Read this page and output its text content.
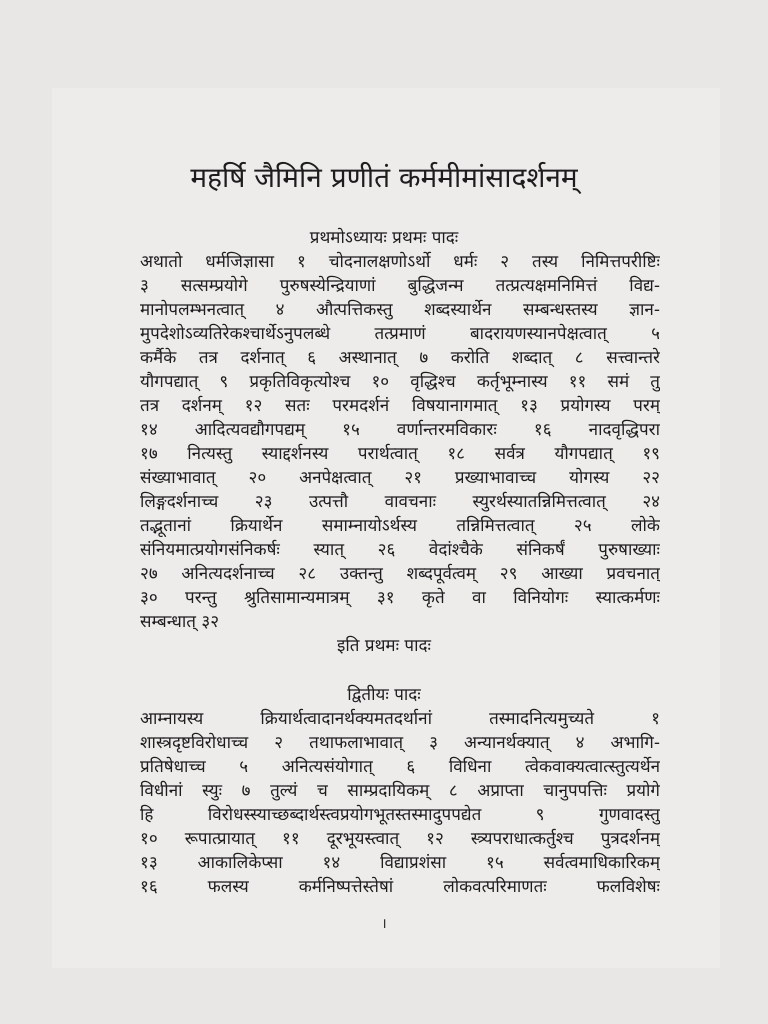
महर्षि जैमिनि प्रणीतं कर्ममीमांसादर्शनम्
प्रथमोऽध्यायः प्रथमः पादः
अथातो धर्मजिज्ञासा १ चोदनालक्षणोऽर्थो धर्मः २ तस्य निमित्तपरीष्टिः
३ सत्सम्प्रयोगे पुरुषस्येन्द्रियाणां बुद्धिजन्म तत्प्रत्यक्षमनिमित्तं विद्य-
मानोपलम्भनत्वात् ४ औत्पत्तिकस्तु शब्दस्यार्थेन सम्बन्धस्तस्य ज्ञान-
मुपदेशोऽव्यतिरेकश्चार्थेऽनुपलब्धे तत्प्रमाणं बादरायणस्यानपेक्षत्वात् ५
कर्मैके तत्र दर्शनात् ६ अस्थानात् ७ करोति शब्दात् ८ सत्त्वान्तरे
यौगपद्यात् ९ प्रकृतिविकृत्योश्च १० वृद्धिश्च कर्तृभूम्नास्य ११ समं तु
तत्र दर्शनम् १२ सतः परमदर्शनं विषयानागमात् १३ प्रयोगस्य परम्
१४ आदित्यवद्यौगपद्यम् १५ वर्णान्तरमविकारः १६ नादवृद्धिपरा
१७ नित्यस्तु स्याद्दर्शनस्य परार्थत्वात् १८ सर्वत्र यौगपद्यात् १९
संख्याभावात् २० अनपेक्षत्वात् २१ प्रख्याभावाच्च योगस्य २२
लिङ्गदर्शनाच्च २३ उत्पत्तौ वावचनाः स्युरर्थस्यातन्निमित्तत्वात् २४
तद्भूतानां क्रियार्थेन समाम्नायोऽर्थस्य तन्निमित्तत्वात् २५ लोके
संनियमात्प्रयोगसंनिकर्षः स्यात् २६ वेदांश्चैके संनिकर्षं पुरुषाख्याः
२७ अनित्यदर्शनाच्च २८ उक्तन्तु शब्दपूर्वत्वम् २९ आख्या प्रवचनात्
३० परन्तु श्रुतिसामान्यमात्रम् ३१ कृते वा विनियोगः स्यात्कर्मणः
सम्बन्धात् ३२
इति प्रथमः पादः
द्वितीयः पादः
आम्नायस्य क्रियार्थत्वादानर्थक्यमतदर्थानां तस्मादनित्यमुच्यते १
शास्त्रदृष्टविरोधाच्च २ तथाफलाभावात् ३ अन्यानर्थक्यात् ४ अभागि-
प्रतिषेधाच्च ५ अनित्यसंयोगात् ६ विधिना त्वेकवाक्यत्वात्स्तुत्यर्थेन
विधीनां स्युः ७ तुल्यं च साम्प्रदायिकम् ८ अप्राप्ता चानुपपत्तिः प्रयोगे
हि विरोधस्स्याच्छब्दार्थस्त्वप्रयोगभूतस्तस्मादुपपद्येत ९ गुणवादस्तु
१० रूपात्प्रायात् ११ दूरभूयस्त्वात् १२ स्त्र्यपराधात्कर्तुश्च पुत्रदर्शनम्
१३ आकालिकेप्सा १४ विद्याप्रशंसा १५ सर्वत्वमाधिकारिकम्
१६ फलस्य कर्मनिष्पत्तेस्तेषां लोकवत्परिमाणतः फलविशेषः
।
